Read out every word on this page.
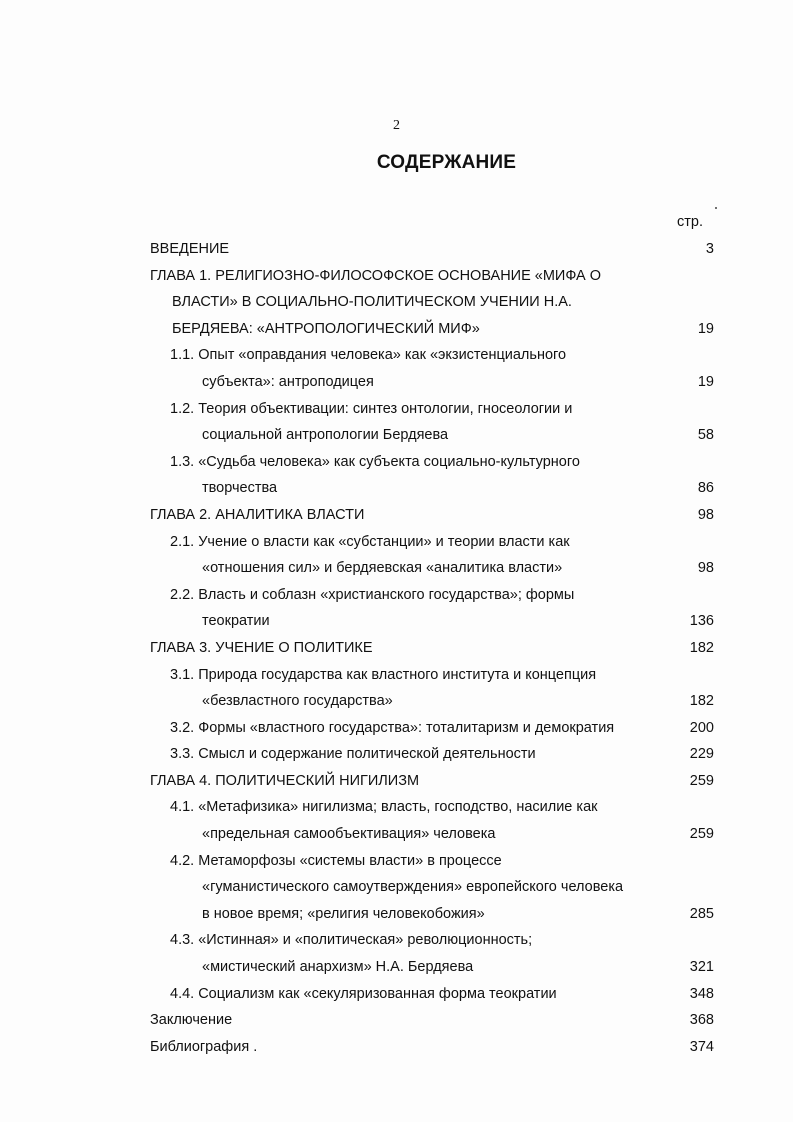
2
СОДЕРЖАНИЕ
стр.
ВВЕДЕНИЕ	3
ГЛАВА 1. РЕЛИГИОЗНО-ФИЛОСОФСКОЕ ОСНОВАНИЕ «МИФА О
ВЛАСТИ» В СОЦИАЛЬНО-ПОЛИТИЧЕСКОМ УЧЕНИИ Н.А.
БЕРДЯЕВА: «АНТРОПОЛОГИЧЕСКИЙ МИФ»	19
1.1. Опыт «оправдания человека» как «экзистенциального
субъекта»: антроподицея	19
1.2. Теория объективации: синтез онтологии, гносеологии и
социальной антропологии Бердяева	58
1.3. «Судьба человека» как субъекта социально-культурного
творчества	86
ГЛАВА 2. АНАЛИТИКА ВЛАСТИ	98
2.1. Учение о власти как «субстанции» и теории власти как
«отношения сил» и бердяевская «аналитика власти»	98
2.2. Власть и соблазн «христианского государства»; формы
теократии	136
ГЛАВА 3. УЧЕНИЕ О ПОЛИТИКЕ	182
3.1. Природа государства как властного института и концепция
«безвластного государства»	182
3.2. Формы «властного государства»: тоталитаризм и демократия	200
3.3. Смысл и содержание политической деятельности	229
ГЛАВА 4. ПОЛИТИЧЕСКИЙ НИГИЛИЗМ	259
4.1. «Метафизика» нигилизма; власть, господство, насилие как
«предельная самообъективация» человека	259
4.2. Метаморфозы «системы власти» в процессе
«гуманистического самоутверждения» европейского человека
в новое время; «религия человекобожия»	285
4.3. «Истинная» и «политическая» революционность;
«мистический анархизм» Н.А. Бердяева	321
4.4. Социализм как «секуляризованная форма теократии	348
Заключение	368
Библиография .	374
